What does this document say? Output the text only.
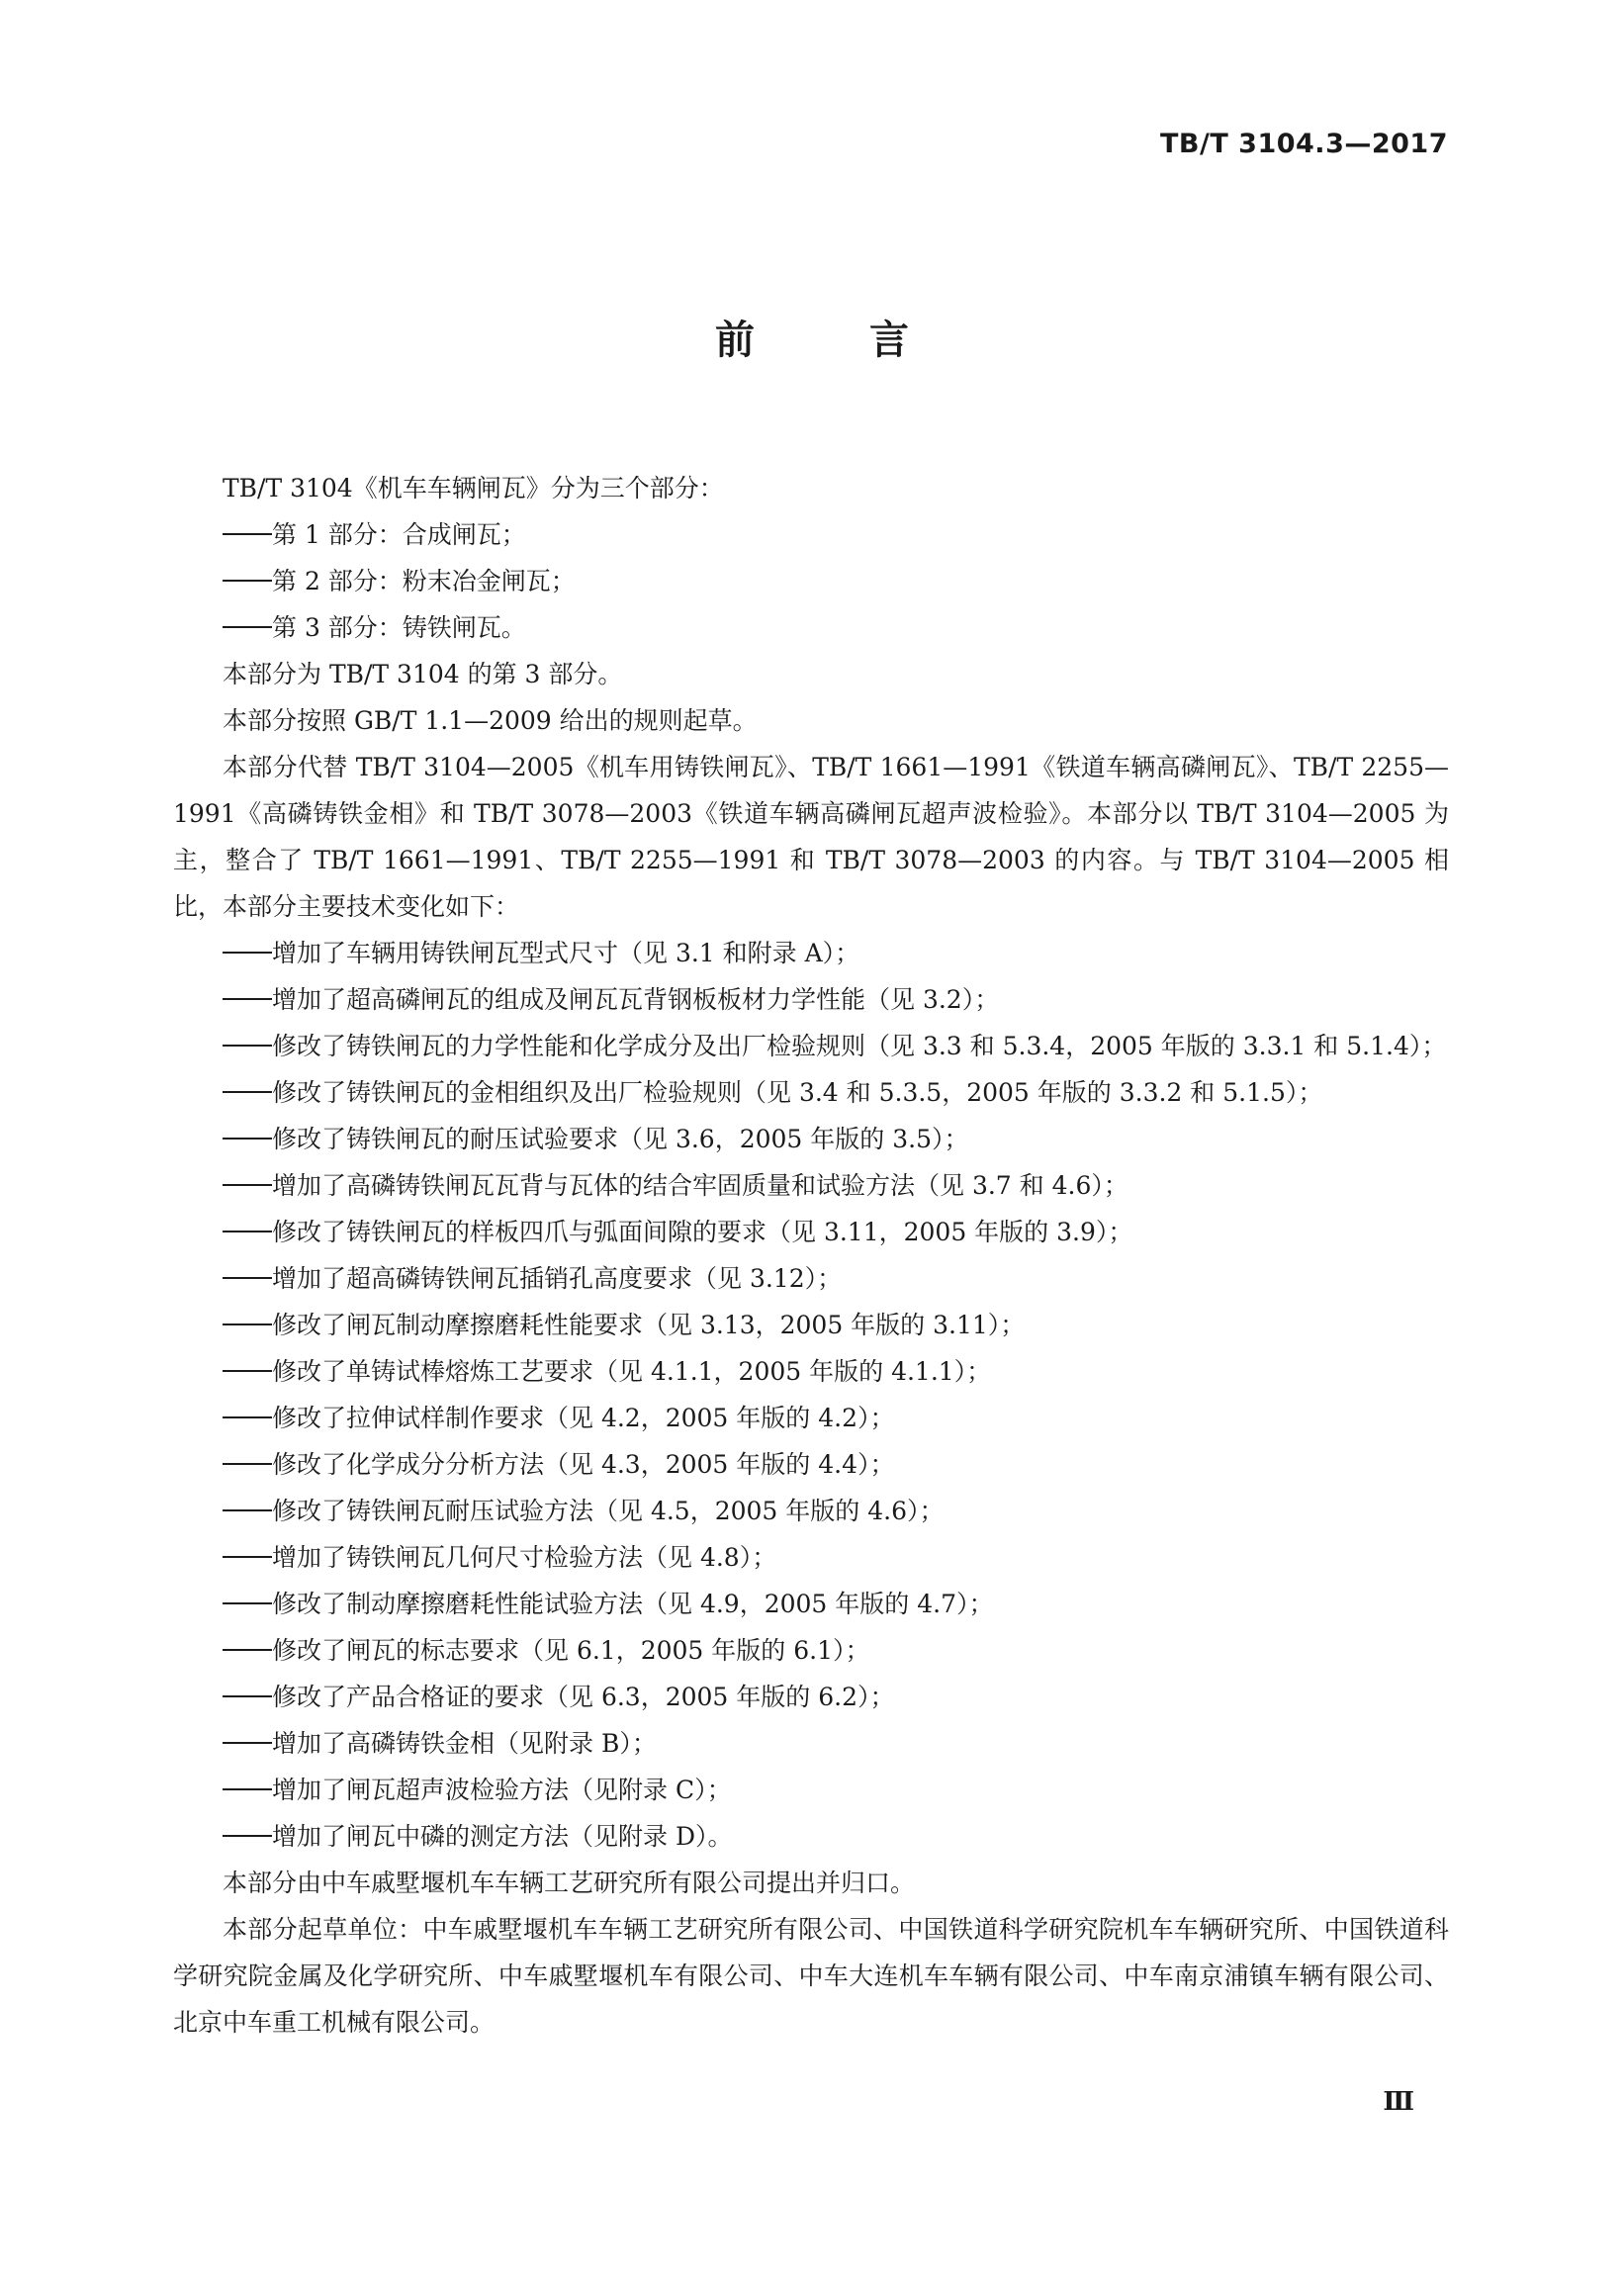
TB/T 3104.3—2017
前　言

TB/T 3104《机车车辆闸瓦》分为三个部分：

第 1 部分：合成闸瓦；
第 2 部分：粉末冶金闸瓦；
第 3 部分：铸铁闸瓦。

本部分为 TB/T 3104 的第 3 部分。

本部分按照 GB/T 1.1—2009 给出的规则起草。

本部分代替 TB/T 3104—2005《机车用铸铁闸瓦》、TB/T 1661—1991《铁道车辆高磷闸瓦》、TB/T 2255—1991《高磷铸铁金相》和 TB/T 3078—2003《铁道车辆高磷闸瓦超声波检验》。本部分以 TB/T 3104—2005 为主，整合了 TB/T 1661—1991、TB/T 2255—1991 和 TB/T 3078—2003 的内容。与 TB/T 3104—2005 相比，本部分主要技术变化如下：

增加了车辆用铸铁闸瓦型式尺寸（见 3.1 和附录 A）；
增加了超高磷闸瓦的组成及闸瓦瓦背钢板板材力学性能（见 3.2）；
修改了铸铁闸瓦的力学性能和化学成分及出厂检验规则（见 3.3 和 5.3.4，2005 年版的 3.3.1 和 5.1.4）；
修改了铸铁闸瓦的金相组织及出厂检验规则（见 3.4 和 5.3.5，2005 年版的 3.3.2 和 5.1.5）；
修改了铸铁闸瓦的耐压试验要求（见 3.6，2005 年版的 3.5）；
增加了高磷铸铁闸瓦瓦背与瓦体的结合牢固质量和试验方法（见 3.7 和 4.6）；
修改了铸铁闸瓦的样板四爪与弧面间隙的要求（见 3.11，2005 年版的 3.9）；
增加了超高磷铸铁闸瓦插销孔高度要求（见 3.12）；
修改了闸瓦制动摩擦磨耗性能要求（见 3.13，2005 年版的 3.11）；
修改了单铸试棒熔炼工艺要求（见 4.1.1，2005 年版的 4.1.1）；
修改了拉伸试样制作要求（见 4.2，2005 年版的 4.2）；
修改了化学成分分析方法（见 4.3，2005 年版的 4.4）；
修改了铸铁闸瓦耐压试验方法（见 4.5，2005 年版的 4.6）；
增加了铸铁闸瓦几何尺寸检验方法（见 4.8）；
修改了制动摩擦磨耗性能试验方法（见 4.9，2005 年版的 4.7）；
修改了闸瓦的标志要求（见 6.1，2005 年版的 6.1）；
修改了产品合格证的要求（见 6.3，2005 年版的 6.2）；
增加了高磷铸铁金相（见附录 B）；
增加了闸瓦超声波检验方法（见附录 C）；
增加了闸瓦中磷的测定方法（见附录 D）。

本部分由中车戚墅堰机车车辆工艺研究所有限公司提出并归口。

本部分起草单位：中车戚墅堰机车车辆工艺研究所有限公司、中国铁道科学研究院机车车辆研究所、中国铁道科学研究院金属及化学研究所、中车戚墅堰机车有限公司、中车大连机车车辆有限公司、中车南京浦镇车辆有限公司、北京中车重工机械有限公司。

Ⅲ
